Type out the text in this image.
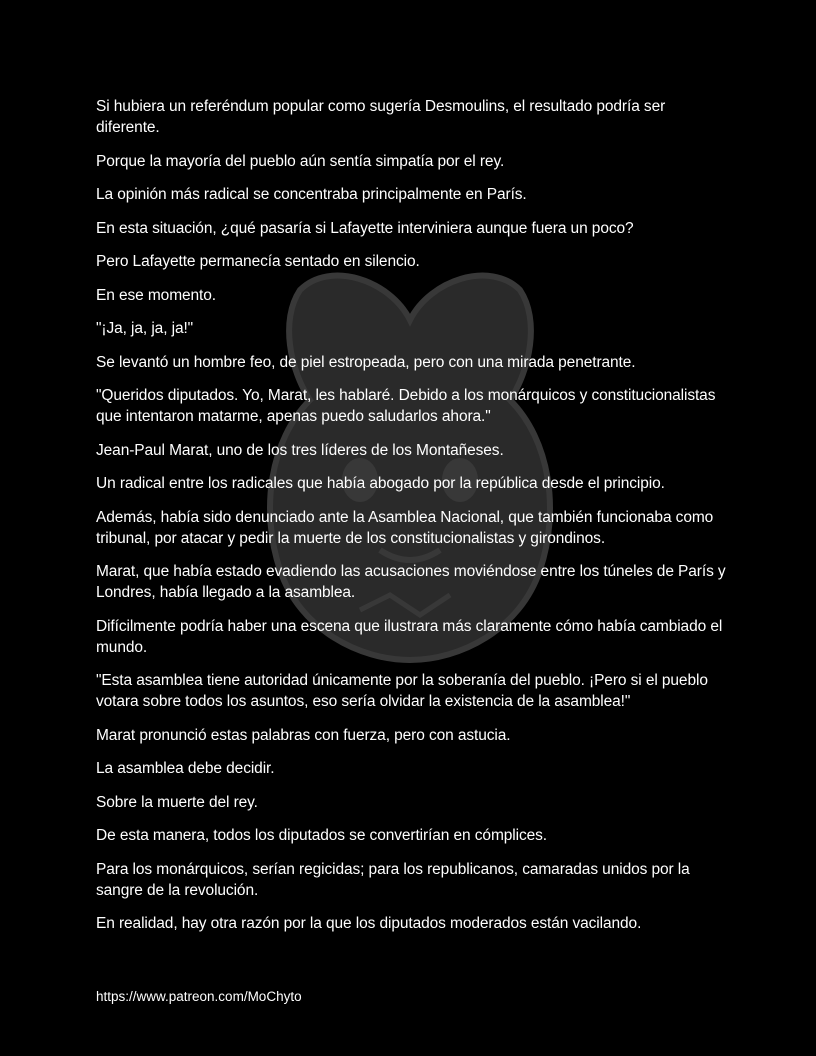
Si hubiera un referéndum popular como sugería Desmoulins, el resultado podría ser diferente.

Porque la mayoría del pueblo aún sentía simpatía por el rey.

La opinión más radical se concentraba principalmente en París.

En esta situación, ¿qué pasaría si Lafayette interviniera aunque fuera un poco?

Pero Lafayette permanecía sentado en silencio.

En ese momento.

"¡Ja, ja, ja, ja!"

Se levantó un hombre feo, de piel estropeada, pero con una mirada penetrante.

"Queridos diputados. Yo, Marat, les hablaré. Debido a los monárquicos y constitucionalistas que intentaron matarme, apenas puedo saludarlos ahora."

Jean-Paul Marat, uno de los tres líderes de los Montañeses.

Un radical entre los radicales que había abogado por la república desde el principio.

Además, había sido denunciado ante la Asamblea Nacional, que también funcionaba como tribunal, por atacar y pedir la muerte de los constitucionalistas y girondinos.

Marat, que había estado evadiendo las acusaciones moviéndose entre los túneles de París y Londres, había llegado a la asamblea.

Difícilmente podría haber una escena que ilustrara más claramente cómo había cambiado el mundo.

"Esta asamblea tiene autoridad únicamente por la soberanía del pueblo. ¡Pero si el pueblo votara sobre todos los asuntos, eso sería olvidar la existencia de la asamblea!"

Marat pronunció estas palabras con fuerza, pero con astucia.

La asamblea debe decidir.

Sobre la muerte del rey.

De esta manera, todos los diputados se convertirían en cómplices.

Para los monárquicos, serían regicidas; para los republicanos, camaradas unidos por la sangre de la revolución.

En realidad, hay otra razón por la que los diputados moderados están vacilando.

https://www.patreon.com/MoChyto
